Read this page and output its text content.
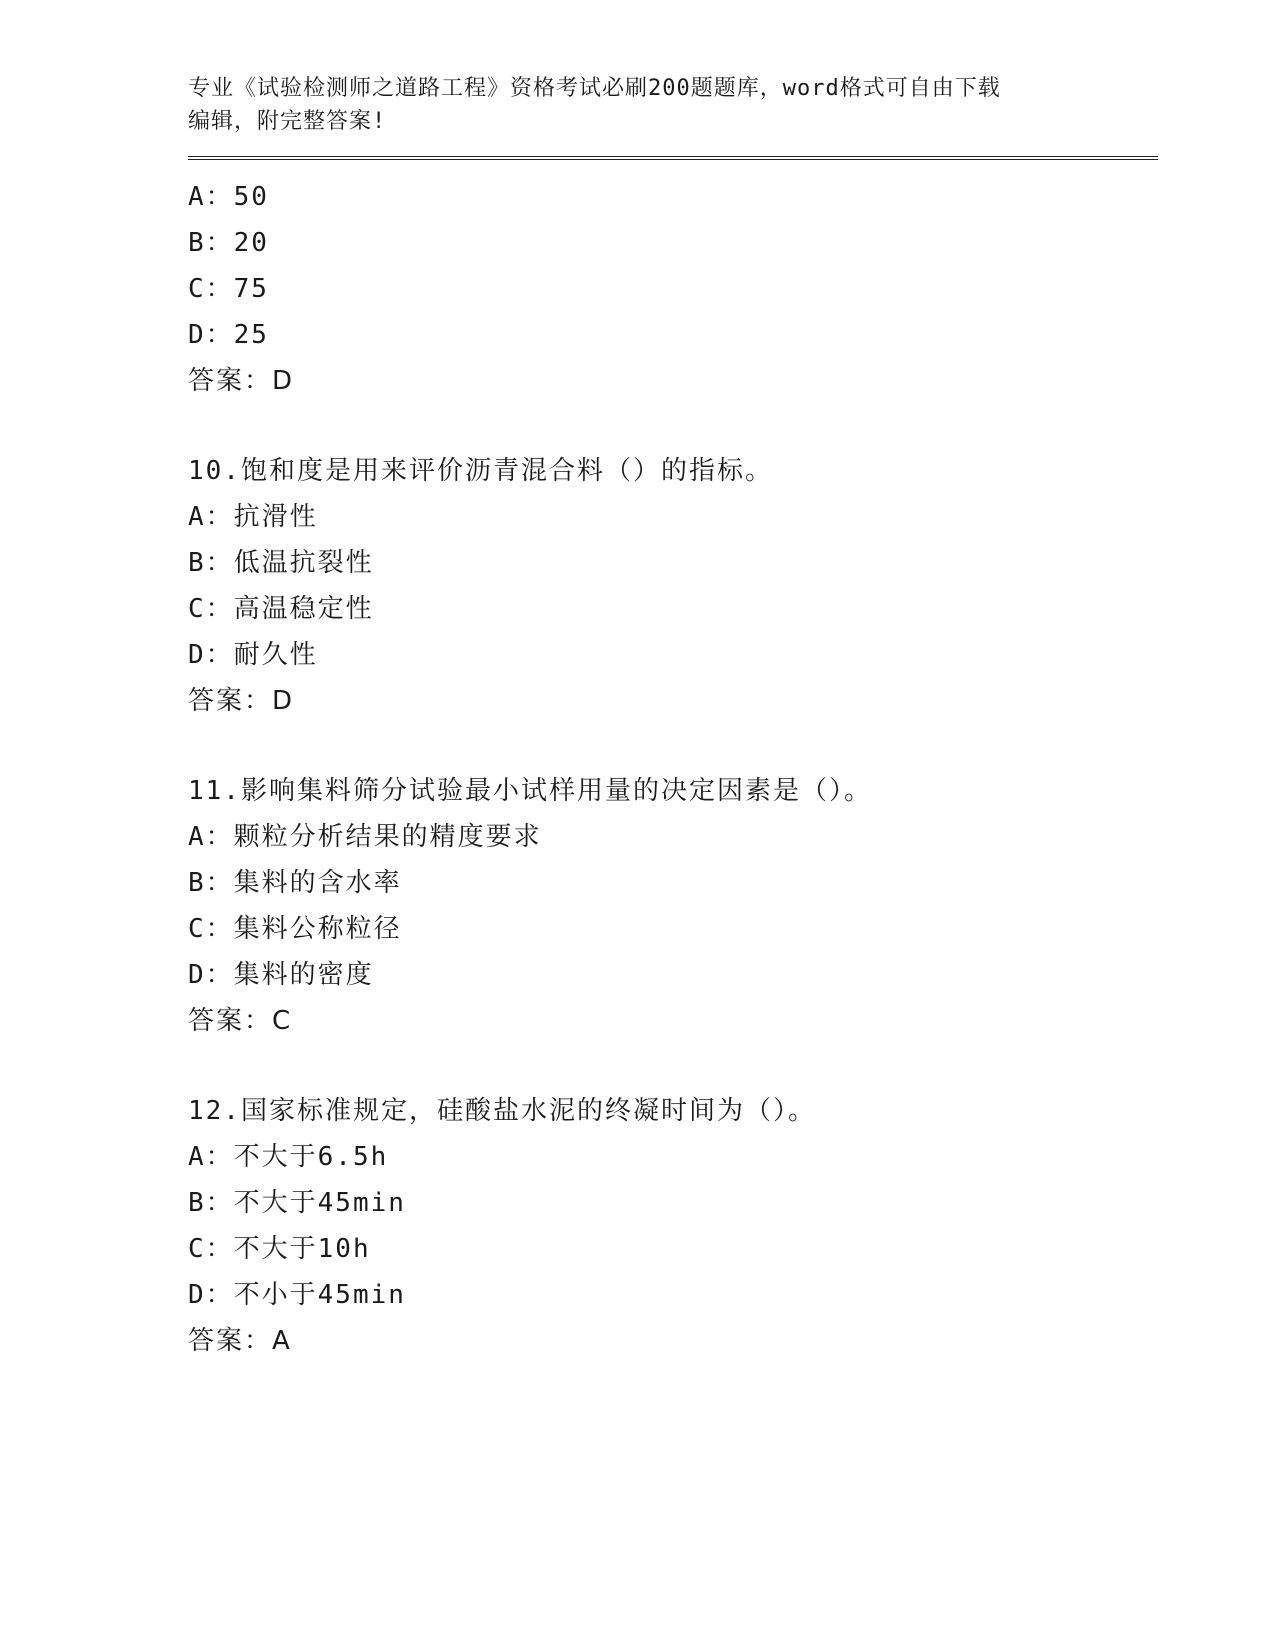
专业《试验检测师之道路工程》资格考试必刷200题题库，word格式可自由下载
编辑，附完整答案!
A：50
B：20
C：75
D：25
答案：D
10.饱和度是用来评价沥青混合料（）的指标。
A：抗滑性
B：低温抗裂性
C：高温稳定性
D：耐久性
答案：D
11.影响集料筛分试验最小试样用量的决定因素是（）。
A：颗粒分析结果的精度要求
B：集料的含水率
C：集料公称粒径
D：集料的密度
答案：C
12.国家标准规定，硅酸盐水泥的终凝时间为（）。
A：不大于6.5h
B：不大于45min
C：不大于10h
D：不小于45min
答案：A
